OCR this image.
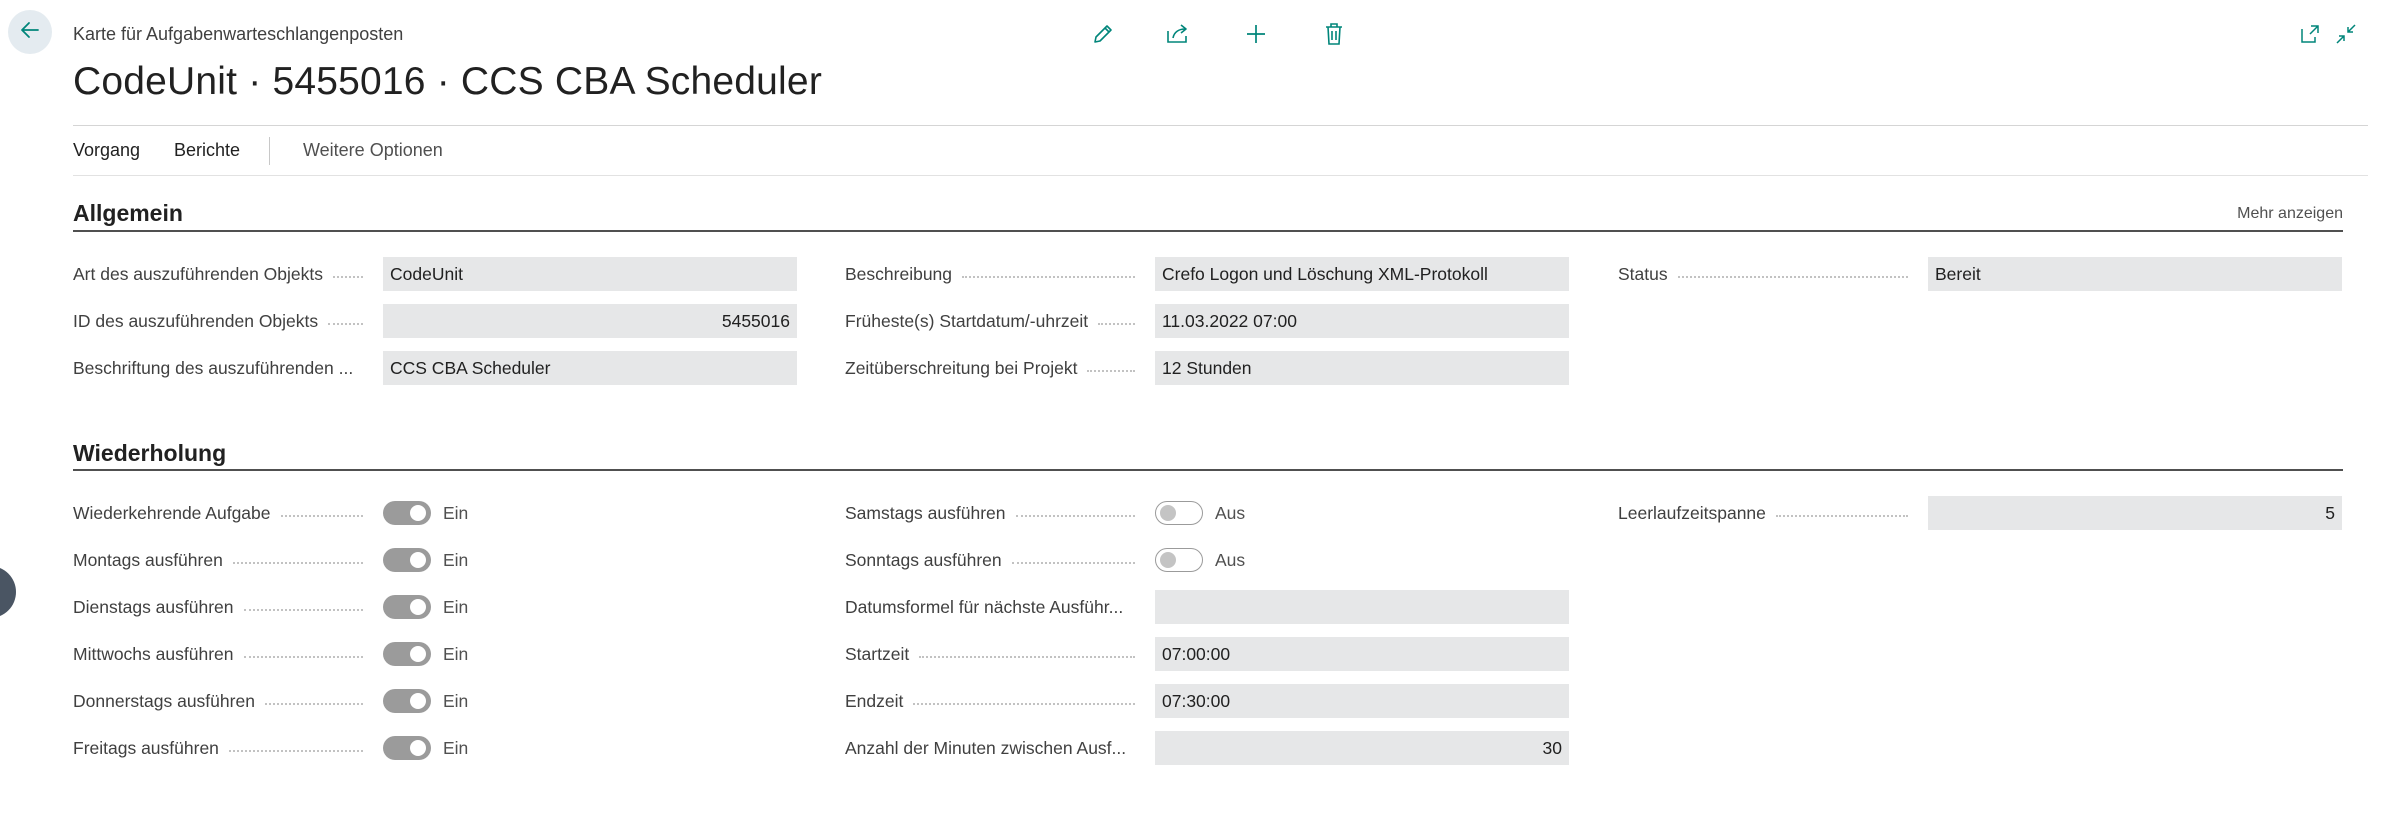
Karte für Aufgabenwarteschlangenposten
CodeUnit · 5455016 · CCS CBA Scheduler
Vorgang Berichte	Weitere Optionen
Allgemein	Mehr anzeigen
Art des auszuführenden Objekts	CodeUnit
ID des auszuführenden Objekts	5455016
Beschriftung des auszuführenden ...	CCS CBA Scheduler
Beschreibung	Crefo Logon und Löschung XML-Protokoll
Früheste(s) Startdatum/-uhrzeit	11.03.2022 07:00
Zeitüberschreitung bei Projekt	12 Stunden
Status	Bereit
Wiederholung
Wiederkehrende Aufgabe	Ein
Montags ausführen	Ein
Dienstags ausführen	Ein
Mittwochs ausführen	Ein
Donnerstags ausführen	Ein
Freitags ausführen	Ein
Samstags ausführen	Aus
Sonntags ausführen	Aus
Datumsformel für nächste Ausführ...
Startzeit	07:00:00
Endzeit	07:30:00
Anzahl der Minuten zwischen Ausf...	30
Leerlaufzeitspanne	5
